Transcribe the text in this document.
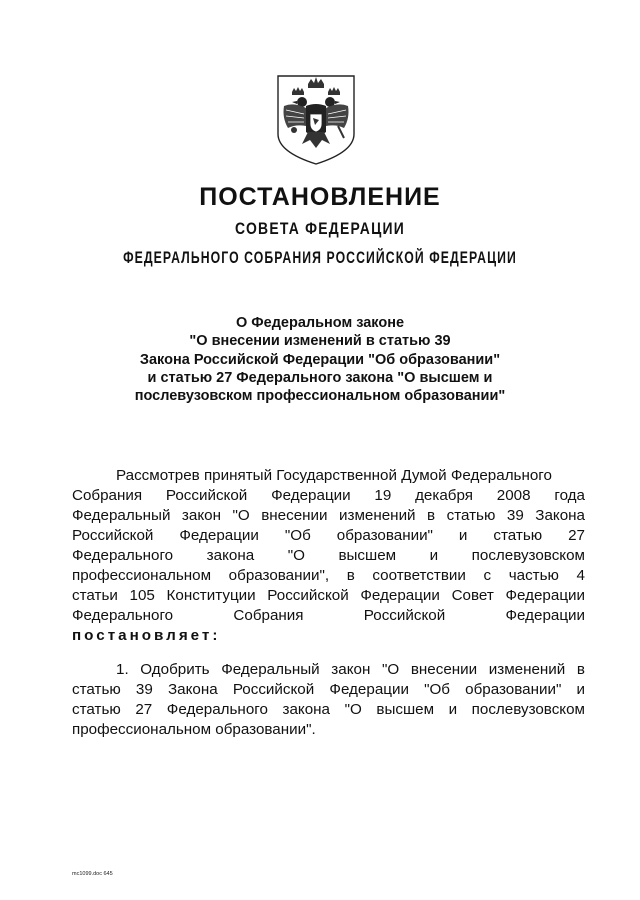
ПОСТАНОВЛЕНИЕ
СОВЕТА ФЕДЕРАЦИИ
ФЕДЕРАЛЬНОГО СОБРАНИЯ РОССИЙСКОЙ ФЕДЕРАЦИИ
О Федеральном законе
"О внесении изменений в статью 39
Закона Российской Федерации "Об образовании"
и статью 27 Федерального закона "О высшем и
послевузовском профессиональном образовании"
Рассмотрев принятый Государственной Думой Федерального
Собрания Российской Федерации 19 декабря 2008 года
Федеральный закон "О внесении изменений в статью 39 Закона
Российской Федерации "Об образовании" и статью 27
Федерального закона "О высшем и послевузовском
профессиональном образовании", в соответствии с частью 4
статьи 105 Конституции Российской Федерации Совет Федерации
Федерального Собрания Российской Федерации
постановляет:
1. Одобрить Федеральный закон "О внесении изменений в
статью 39 Закона Российской Федерации "Об образовании" и
статью 27 Федерального закона "О высшем и послевузовском
профессиональном образовании".
mc1099.doc 645
